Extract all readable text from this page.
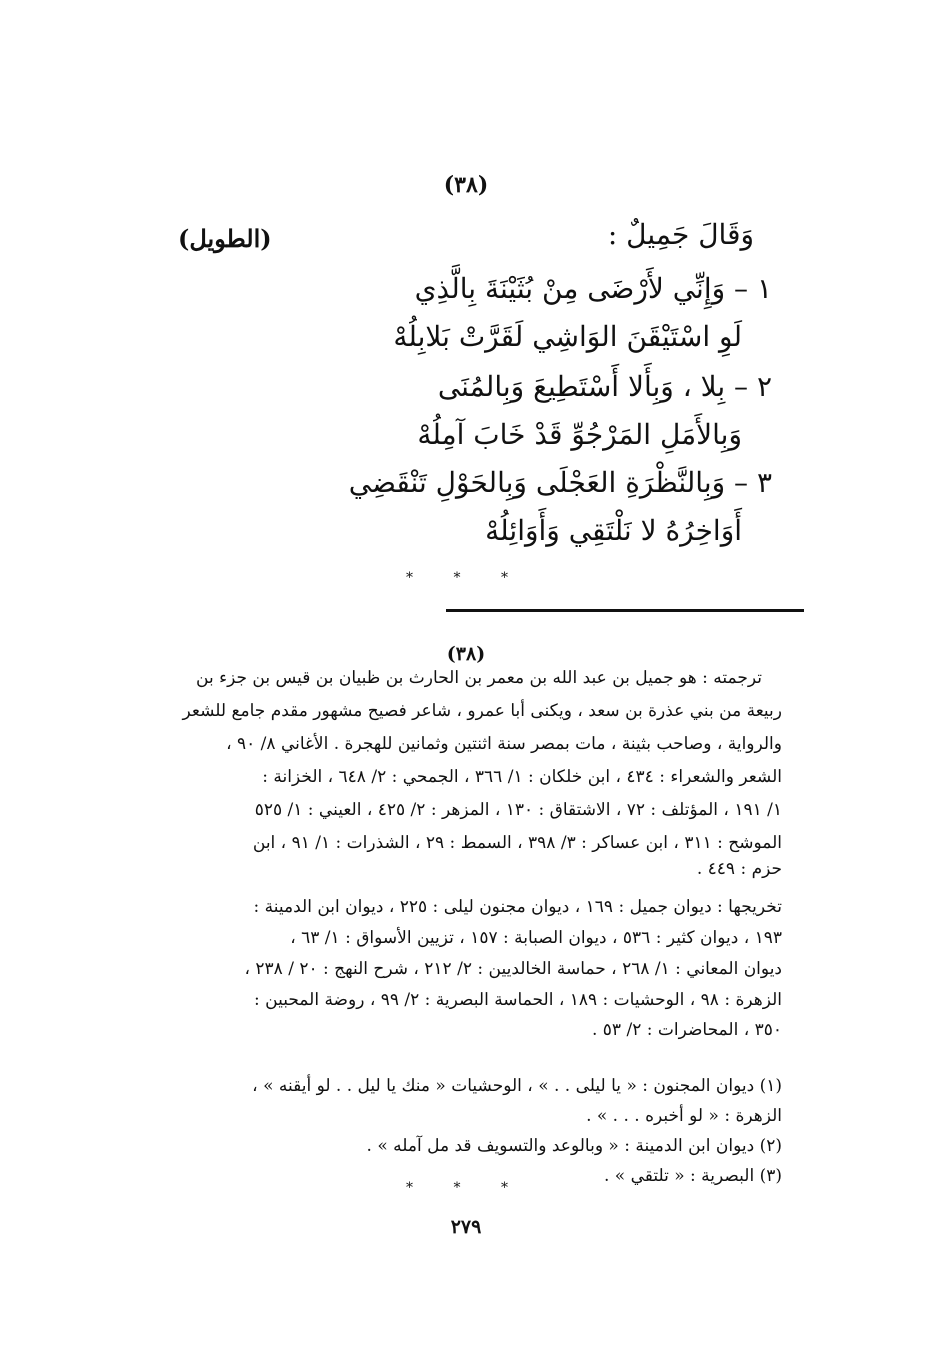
(٣٨)
وَقَالَ جَمِيلٌ :
(الطويل)
١ – وَإِنِّي لأَرْضَى مِنْ بُثَيْنَةَ بِالَّذِي
لَوِ اسْتَيْقَنَ الوَاشِي لَقَرَّتْ بَلابِلُهْ
٢ – بِلا ، وَبِأَلا أَسْتَطِيعَ وَبِالمُنَى
وَبِالأَمَلِ المَرْجُوِّ قَدْ خَابَ آمِلُهْ
٣ – وَبِالنَّظْرَةِ العَجْلَى وَبِالحَوْلِ تَنْقَضِي
أَوَاخِرُهُ لا نَلْتَقِي وَأَوَائِلُهْ
* * *
(٣٨)
ترجمته : هو جميل بن عبد الله بن معمر بن الحارث بن ظبيان بن قيس بن جزء بن
ربيعة من بني عذرة بن سعد ، ويكنى أبا عمرو ، شاعر فصيح مشهور مقدم جامع للشعر
والرواية ، وصاحب بثينة ، مات بمصر سنة اثنتين وثمانين للهجرة . الأغاني ٨/ ٩٠ ،
الشعر والشعراء : ٤٣٤ ، ابن خلكان : ١/ ٣٦٦ ، الجمحي : ٢/ ٦٤٨ ، الخزانة :
١/ ١٩١ ، المؤتلف : ٧٢ ، الاشتقاق : ١٣٠ ، المزهر : ٢/ ٤٢٥ ، العيني : ١/ ٥٢٥
الموشح : ٣١١ ، ابن عساكر : ٣/ ٣٩٨ ، السمط : ٢٩ ، الشذرات : ١/ ٩١ ، ابن
حزم : ٤٤٩ .
تخريجها : ديوان جميل : ١٦٩ ، ديوان مجنون ليلى : ٢٢٥ ، ديوان ابن الدمينة :
١٩٣ ، ديوان كثير : ٥٣٦ ، ديوان الصبابة : ١٥٧ ، تزيين الأسواق : ١/ ٦٣ ،
ديوان المعاني : ١/ ٢٦٨ ، حماسة الخالديين : ٢/ ٢١٢ ، شرح النهج : ٢٠ / ٢٣٨ ،
الزهرة : ٩٨ ، الوحشيات : ١٨٩ ، الحماسة البصرية : ٢/ ٩٩ ، روضة المحبين :
٣٥٠ ، المحاضرات : ٢/ ٥٣ .
(١) ديوان المجنون : « يا ليلى . . » ، الوحشيات « منك يا ليل . . لو أيقنه » ،
الزهرة : « لو أخبره . . . » .
(٢) ديوان ابن الدمينة : « وبالوعد والتسويف قد مل آمله » .
(٣) البصرية : « تلتقي » .
* * *
٢٧٩
